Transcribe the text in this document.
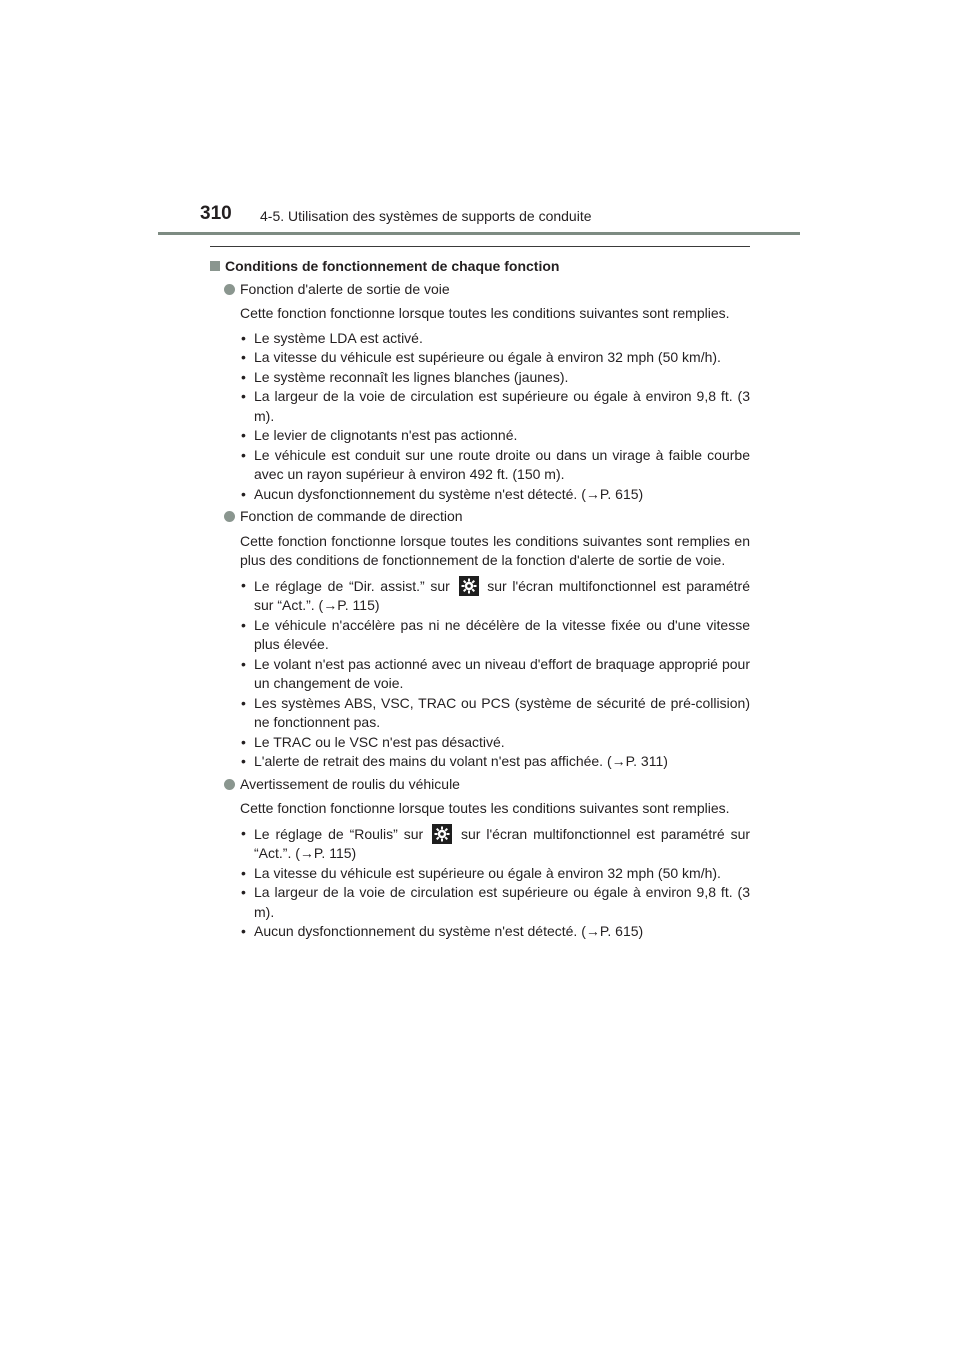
310 4-5. Utilisation des systèmes de supports de conduite
Conditions de fonctionnement de chaque fonction
Fonction d'alerte de sortie de voie
Cette fonction fonctionne lorsque toutes les conditions suivantes sont remplies.
• Le système LDA est activé.
• La vitesse du véhicule est supérieure ou égale à environ 32 mph (50 km/h).
• Le système reconnaît les lignes blanches (jaunes).
• La largeur de la voie de circulation est supérieure ou égale à environ 9,8 ft. (3 m).
• Le levier de clignotants n'est pas actionné.
• Le véhicule est conduit sur une route droite ou dans un virage à faible courbe avec un rayon supérieur à environ 492 ft. (150 m).
• Aucun dysfonctionnement du système n'est détecté. (→P. 615)
Fonction de commande de direction
Cette fonction fonctionne lorsque toutes les conditions suivantes sont remplies en plus des conditions de fonctionnement de la fonction d'alerte de sortie de voie.
• Le réglage de “Dir. assist.” sur	sur l'écran multifonctionnel est paramétré sur “Act.”. (→P. 115)
• Le véhicule n'accélère pas ni ne décélère de la vitesse fixée ou d'une vitesse plus élevée.
• Le volant n'est pas actionné avec un niveau d'effort de braquage approprié pour un changement de voie.
• Les systèmes ABS, VSC, TRAC ou PCS (système de sécurité de pré-collision) ne fonctionnent pas.
• Le TRAC ou le VSC n'est pas désactivé.
• L'alerte de retrait des mains du volant n'est pas affichée. (→P. 311)
Avertissement de roulis du véhicule
Cette fonction fonctionne lorsque toutes les conditions suivantes sont remplies.
• Le réglage de “Roulis” sur	sur l'écran multifonctionnel est paramétré sur “Act.”. (→P. 115)
• La vitesse du véhicule est supérieure ou égale à environ 32 mph (50 km/h).
• La largeur de la voie de circulation est supérieure ou égale à environ 9,8 ft. (3 m).
• Aucun dysfonctionnement du système n'est détecté. (→P. 615)
